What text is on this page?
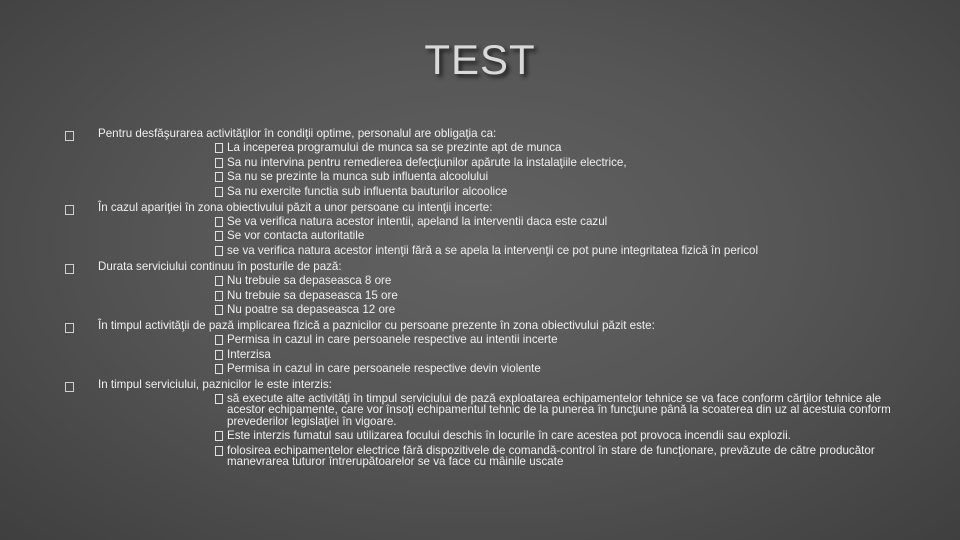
TEST
Pentru desfăşurarea activităţilor în condiţii optime, personalul are obligaţia ca:
La inceperea programului de munca sa se prezinte apt de munca
Sa nu intervina pentru remedierea defecţiunilor apărute la instalaţiile electrice,
Sa nu se prezinte la munca sub influenta alcoolului
Sa nu exercite functia sub influenta bauturilor alcoolice
În cazul apariţiei în zona obiectivului păzit a unor persoane cu intenţii incerte:
Se va verifica natura acestor intentii, apeland la interventii daca este cazul
Se vor contacta autoritatile
se va verifica natura acestor intenţii fără a se apela la intervenţii ce pot pune integritatea fizică în pericol
Durata serviciului continuu în posturile de pază:
Nu trebuie sa depaseasca 8 ore
Nu trebuie sa depaseasca 15 ore
Nu poatre sa depaseasca 12 ore
În timpul activităţii de pază implicarea fizică a paznicilor cu persoane prezente în zona obiectivului păzit este:
Permisa in cazul in care persoanele respective au intentii incerte
Interzisa
Permisa in cazul in care persoanele respective devin violente
In timpul serviciului, paznicilor le este interzis:
să execute alte activităţi în timpul serviciului de pază exploatarea echipamentelor tehnice se va face conform cărţilor tehnice ale acestor echipamente, care vor însoţi echipamentul tehnic de la punerea în funcţiune până la scoaterea din uz al acestuia conform prevederilor legislaţiei în vigoare.
Este interzis fumatul sau utilizarea focului deschis în locurile în care acestea pot provoca incendii sau explozii.
folosirea echipamentelor electrice fără dispozitivele de comandă-control în stare de funcţionare, prevăzute de către producător manevrarea tuturor întrerupătoarelor se va face cu mâinile uscate
